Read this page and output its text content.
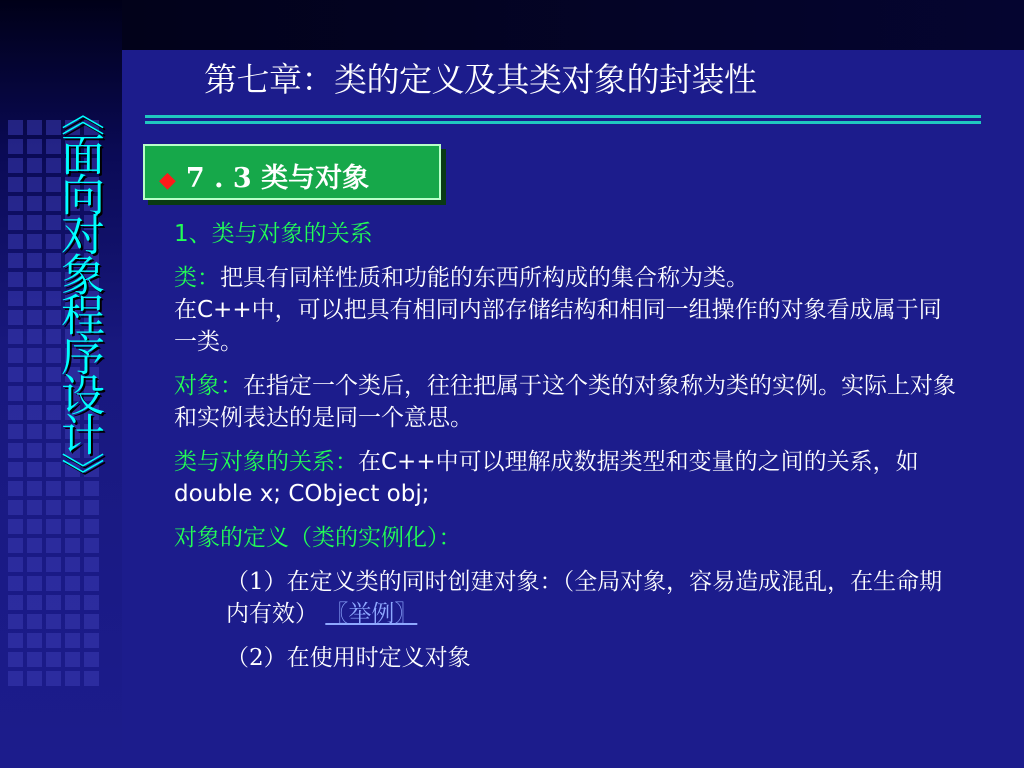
《面向对象程序设计》
第七章：类的定义及其类对象的封装性
◆ 7 . 3 类与对象

1、类与对象的关系

类：把具有同样性质和功能的东西所构成的集合称为类。
在C++中，可以把具有相同内部存储结构和相同一组操作的对象看成属于同一类。

对象：在指定一个类后，往往把属于这个类的对象称为类的实例。实际上对象和实例表达的是同一个意思。

类与对象的关系：在C++中可以理解成数据类型和变量的之间的关系，如 double x; CObject obj;

对象的定义（类的实例化）：

（1）在定义类的同时创建对象：（全局对象，容易造成混乱，在生命期内有效） 〖举例〗

（2）在使用时定义对象
